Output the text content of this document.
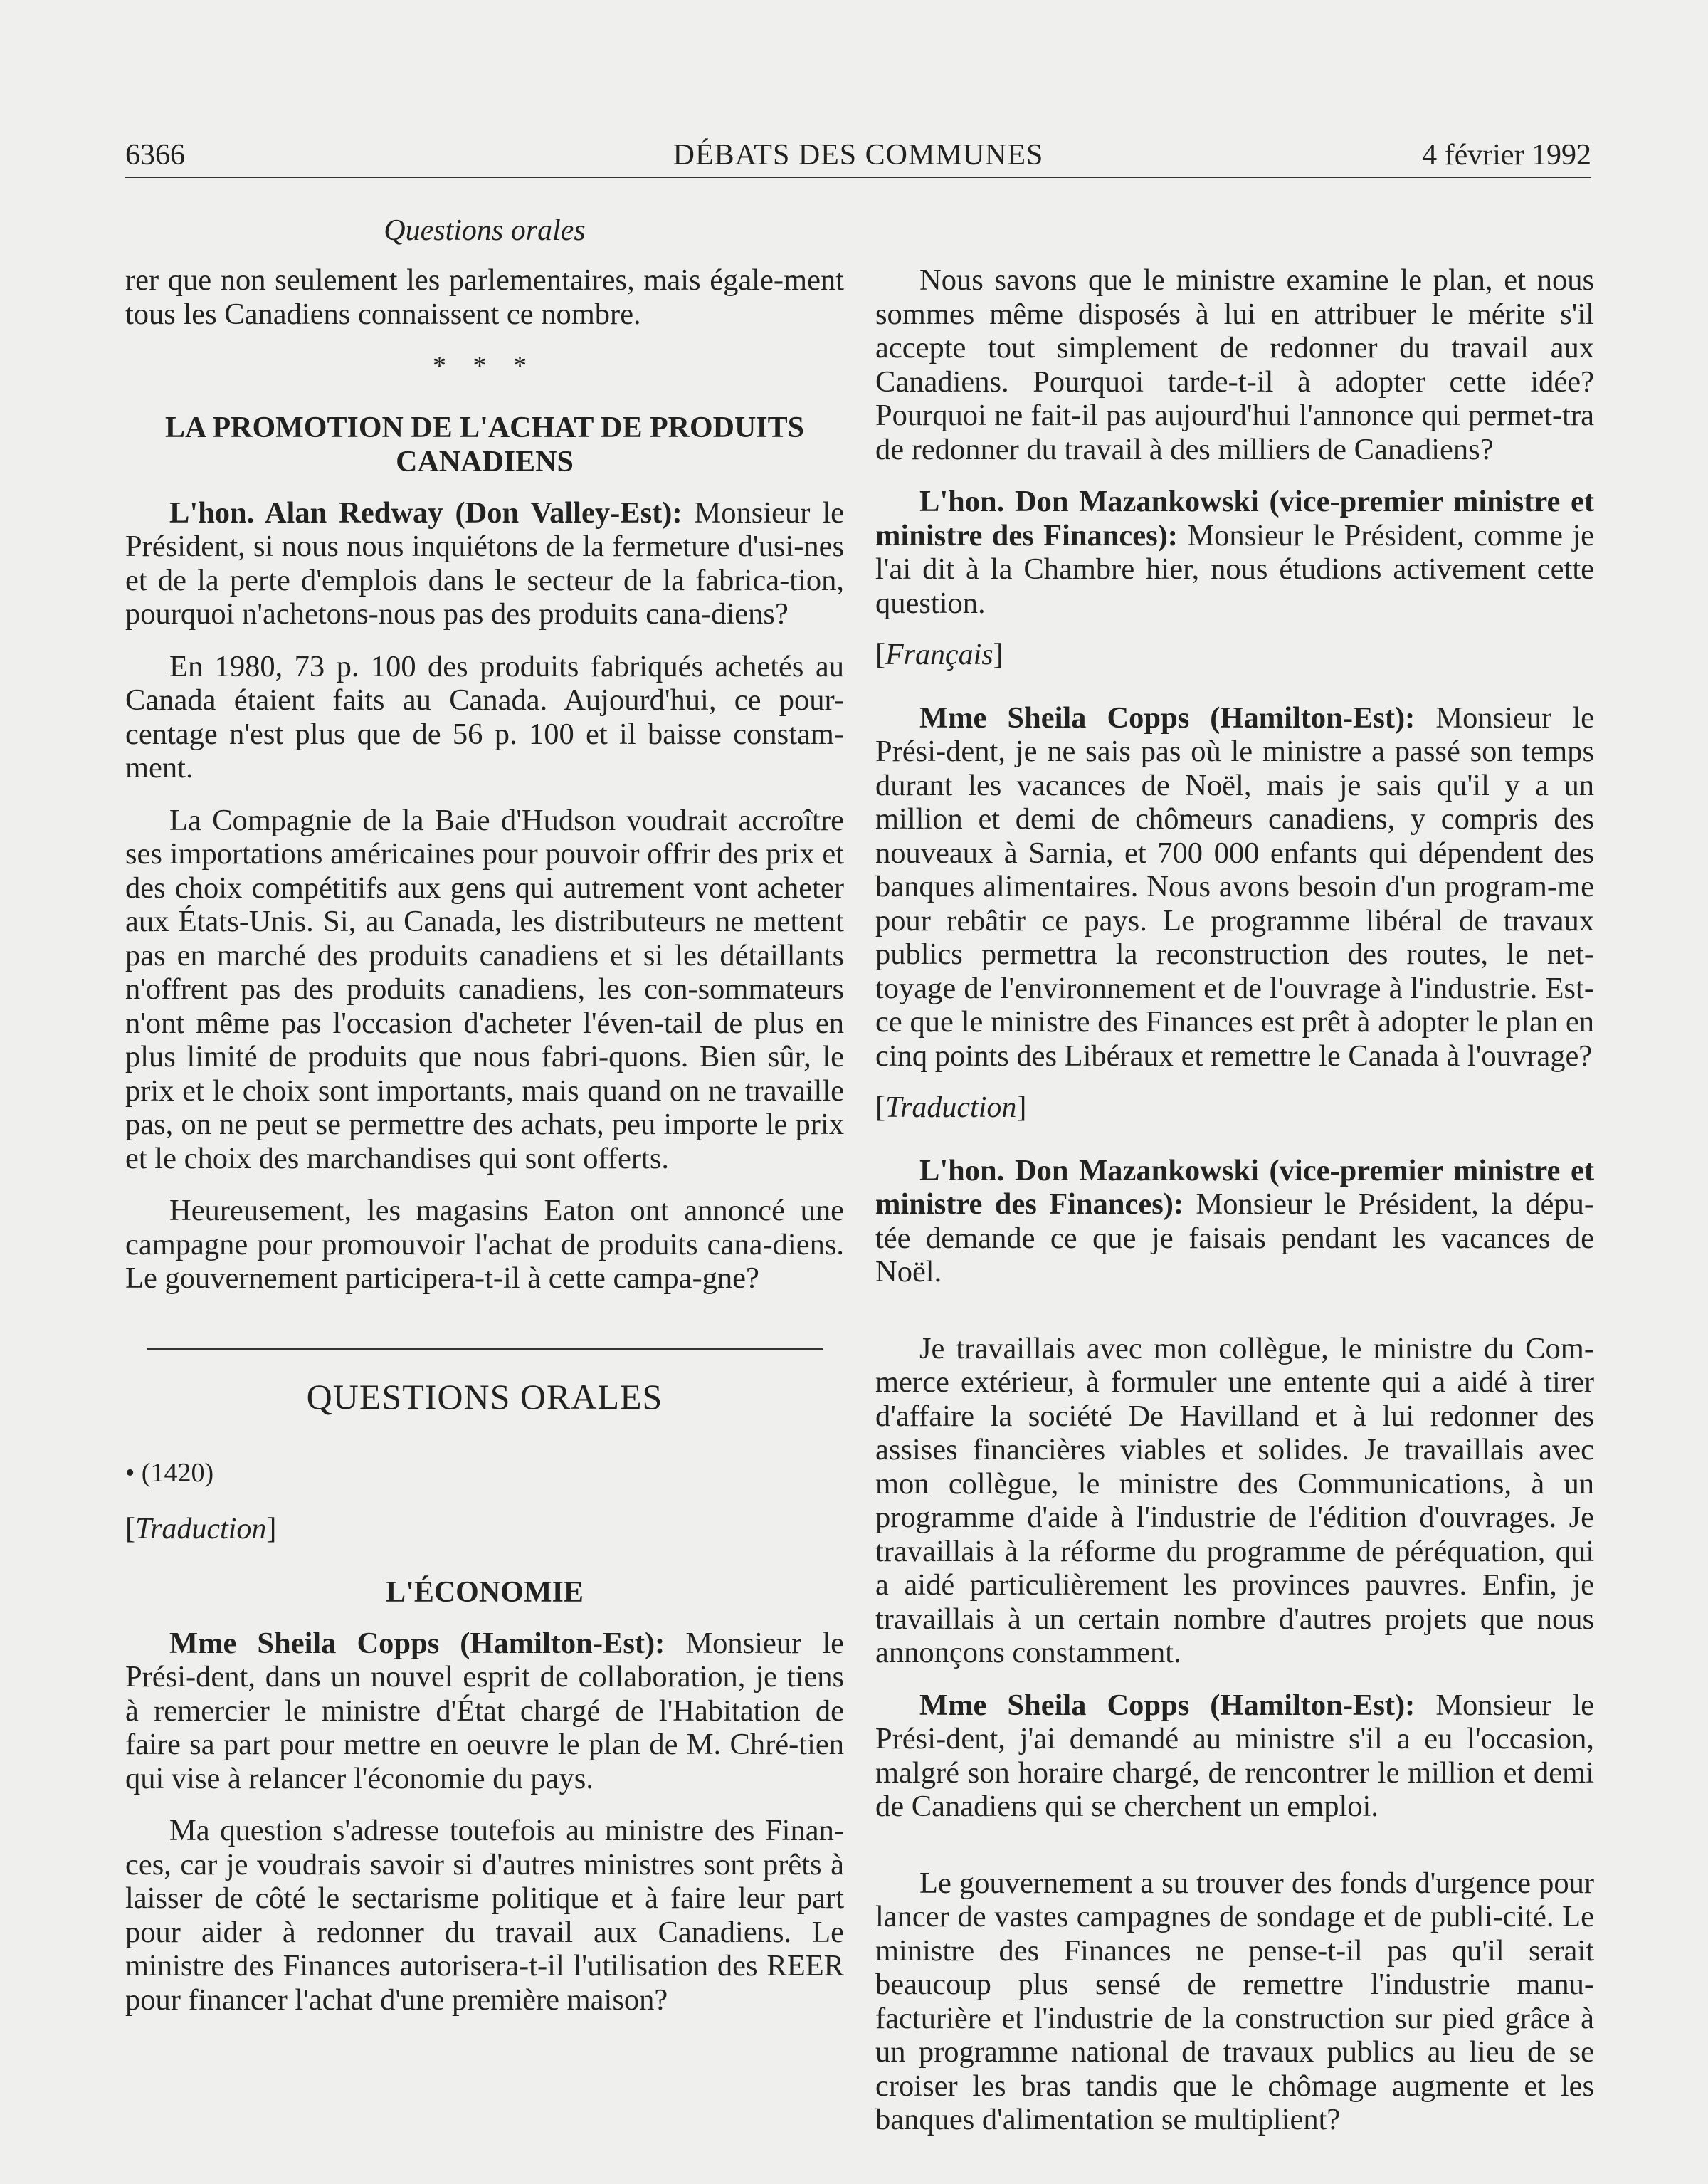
6366	DÉBATS DES COMMUNES	4 février 1992
Questions orales

rer que non seulement les parlementaires, mais égale-ment tous les Canadiens connaissent ce nombre.

* * *
LA PROMOTION DE L'ACHAT DE PRODUITS CANADIENS

L'hon. Alan Redway (Don Valley-Est): Monsieur le Président, si nous nous inquiétons de la fermeture d'usi-nes et de la perte d'emplois dans le secteur de la fabrica-tion, pourquoi n'achetons-nous pas des produits cana-diens?

En 1980, 73 p. 100 des produits fabriqués achetés au Canada étaient faits au Canada. Aujourd'hui, ce pour-centage n'est plus que de 56 p. 100 et il baisse constam-ment.

La Compagnie de la Baie d'Hudson voudrait accroître ses importations américaines pour pouvoir offrir des prix et des choix compétitifs aux gens qui autrement vont acheter aux États-Unis. Si, au Canada, les distributeurs ne mettent pas en marché des produits canadiens et si les détaillants n'offrent pas des produits canadiens, les con-sommateurs n'ont même pas l'occasion d'acheter l'éven-tail de plus en plus limité de produits que nous fabri-quons. Bien sûr, le prix et le choix sont importants, mais quand on ne travaille pas, on ne peut se permettre des achats, peu importe le prix et le choix des marchandises qui sont offerts.

Heureusement, les magasins Eaton ont annoncé une campagne pour promouvoir l'achat de produits cana-diens. Le gouvernement participera-t-il à cette campa-gne?

QUESTIONS ORALES
• (1420)
[Traduction]
L'ÉCONOMIE

Mme Sheila Copps (Hamilton-Est): Monsieur le Prési-dent, dans un nouvel esprit de collaboration, je tiens à remercier le ministre d'État chargé de l'Habitation de faire sa part pour mettre en oeuvre le plan de M. Chré-tien qui vise à relancer l'économie du pays.

Ma question s'adresse toutefois au ministre des Finan-ces, car je voudrais savoir si d'autres ministres sont prêts à laisser de côté le sectarisme politique et à faire leur part pour aider à redonner du travail aux Canadiens. Le ministre des Finances autorisera-t-il l'utilisation des REER pour financer l'achat d'une première maison?

Nous savons que le ministre examine le plan, et nous sommes même disposés à lui en attribuer le mérite s'il accepte tout simplement de redonner du travail aux Canadiens. Pourquoi tarde-t-il à adopter cette idée? Pourquoi ne fait-il pas aujourd'hui l'annonce qui permet-tra de redonner du travail à des milliers de Canadiens?

L'hon. Don Mazankowski (vice-premier ministre et ministre des Finances): Monsieur le Président, comme je l'ai dit à la Chambre hier, nous étudions activement cette question.

[Français]

Mme Sheila Copps (Hamilton-Est): Monsieur le Prési-dent, je ne sais pas où le ministre a passé son temps durant les vacances de Noël, mais je sais qu'il y a un million et demi de chômeurs canadiens, y compris des nouveaux à Sarnia, et 700 000 enfants qui dépendent des banques alimentaires. Nous avons besoin d'un program-me pour rebâtir ce pays. Le programme libéral de travaux publics permettra la reconstruction des routes, le net-toyage de l'environnement et de l'ouvrage à l'industrie. Est-ce que le ministre des Finances est prêt à adopter le plan en cinq points des Libéraux et remettre le Canada à l'ouvrage?

[Traduction]

L'hon. Don Mazankowski (vice-premier ministre et ministre des Finances): Monsieur le Président, la dépu-tée demande ce que je faisais pendant les vacances de Noël.

Je travaillais avec mon collègue, le ministre du Com-merce extérieur, à formuler une entente qui a aidé à tirer d'affaire la société De Havilland et à lui redonner des assises financières viables et solides. Je travaillais avec mon collègue, le ministre des Communications, à un programme d'aide à l'industrie de l'édition d'ouvrages. Je travaillais à la réforme du programme de péréquation, qui a aidé particulièrement les provinces pauvres. Enfin, je travaillais à un certain nombre d'autres projets que nous annonçons constamment.

Mme Sheila Copps (Hamilton-Est): Monsieur le Prési-dent, j'ai demandé au ministre s'il a eu l'occasion, malgré son horaire chargé, de rencontrer le million et demi de Canadiens qui se cherchent un emploi.

Le gouvernement a su trouver des fonds d'urgence pour lancer de vastes campagnes de sondage et de publi-cité. Le ministre des Finances ne pense-t-il pas qu'il serait beaucoup plus sensé de remettre l'industrie manu-facturière et l'industrie de la construction sur pied grâce à un programme national de travaux publics au lieu de se croiser les bras tandis que le chômage augmente et les banques d'alimentation se multiplient?
